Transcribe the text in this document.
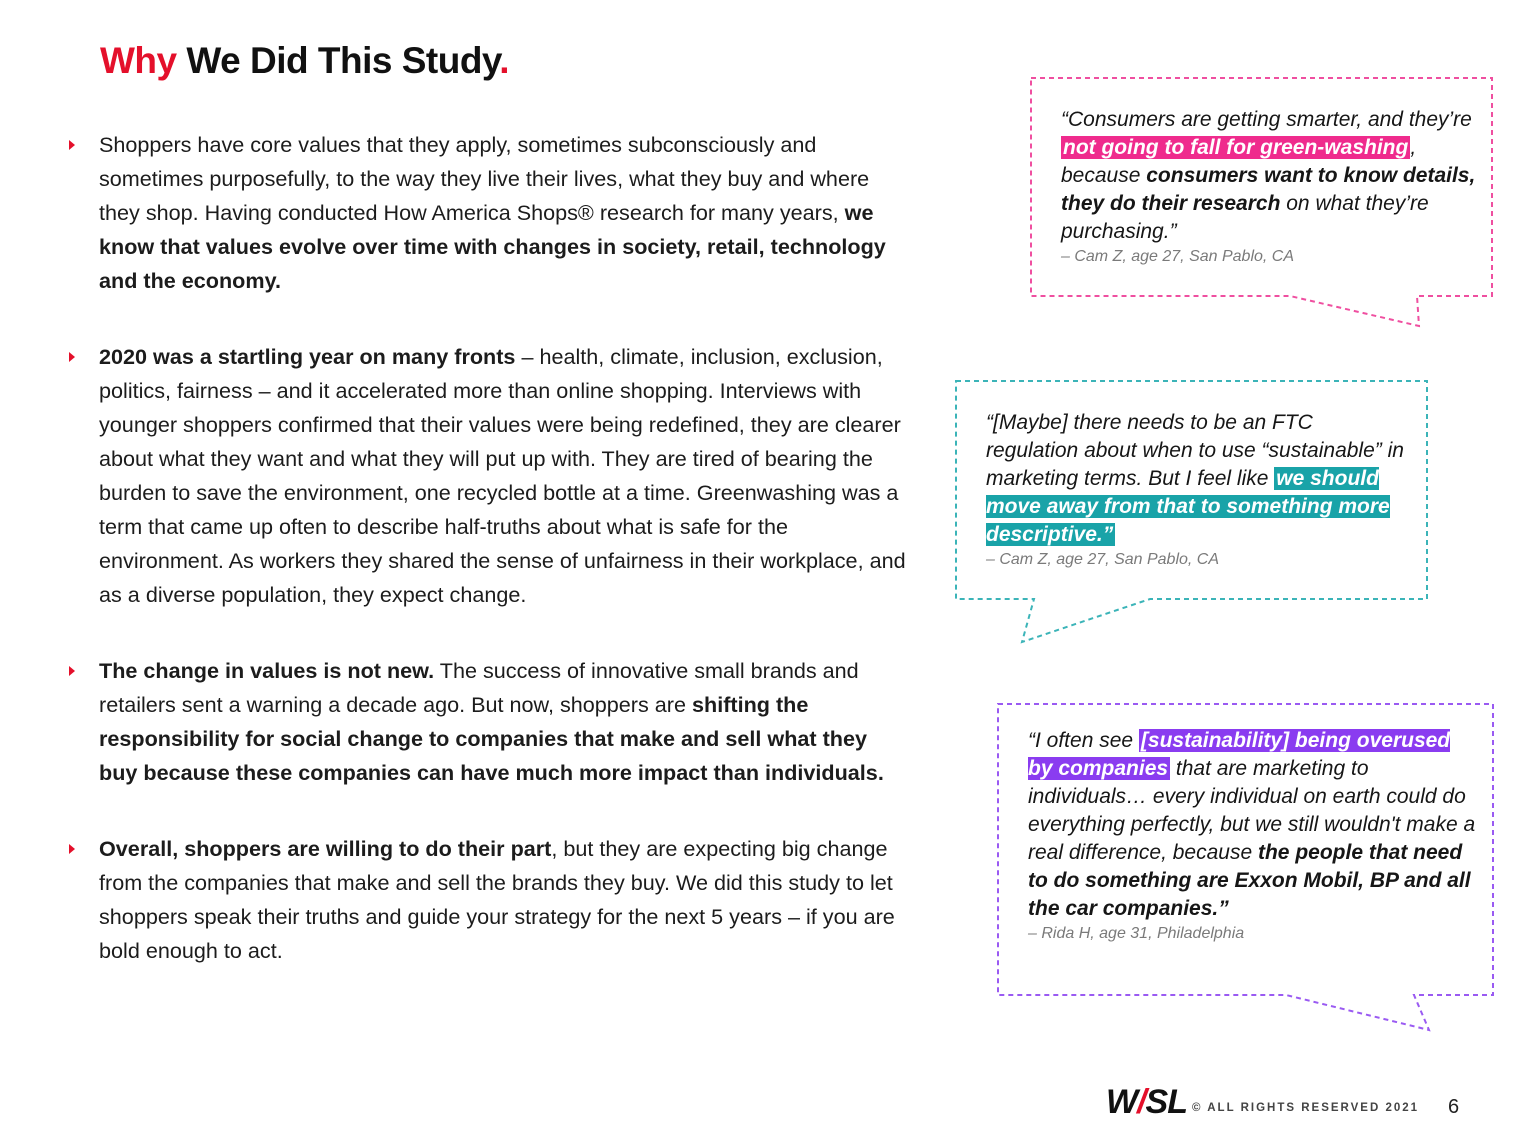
Why We Did This Study.
Shoppers have core values that they apply, sometimes subconsciously and sometimes purposefully, to the way they live their lives, what they buy and where they shop. Having conducted How America Shops® research for many years, we know that values evolve over time with changes in society, retail, technology and the economy.
2020 was a startling year on many fronts – health, climate, inclusion, exclusion, politics, fairness – and it accelerated more than online shopping. Interviews with younger shoppers confirmed that their values were being redefined, they are clearer about what they want and what they will put up with. They are tired of bearing the burden to save the environment, one recycled bottle at a time. Greenwashing was a term that came up often to describe half-truths about what is safe for the environment. As workers they shared the sense of unfairness in their workplace, and as a diverse population, they expect change.
The change in values is not new. The success of innovative small brands and retailers sent a warning a decade ago. But now, shoppers are shifting the responsibility for social change to companies that make and sell what they buy because these companies can have much more impact than individuals.
Overall, shoppers are willing to do their part, but they are expecting big change from the companies that make and sell the brands they buy. We did this study to let shoppers speak their truths and guide your strategy for the next 5 years – if you are bold enough to act.
“Consumers are getting smarter, and they’re not going to fall for green-washing, because consumers want to know details, they do their research on what they’re purchasing.”
– Cam Z, age 27, San Pablo, CA
“[Maybe] there needs to be an FTC regulation about when to use “sustainable” in marketing terms. But I feel like we should move away from that to something more descriptive.”
– Cam Z, age 27, San Pablo, CA
“I often see [sustainability] being overused by companies that are marketing to individuals… every individual on earth could do everything perfectly, but we still wouldn't make a real difference, because the people that need to do something are Exxon Mobil, BP and all the car companies.”
– Rida H, age 31, Philadelphia
W/SL © ALL RIGHTS RESERVED 2021 6
